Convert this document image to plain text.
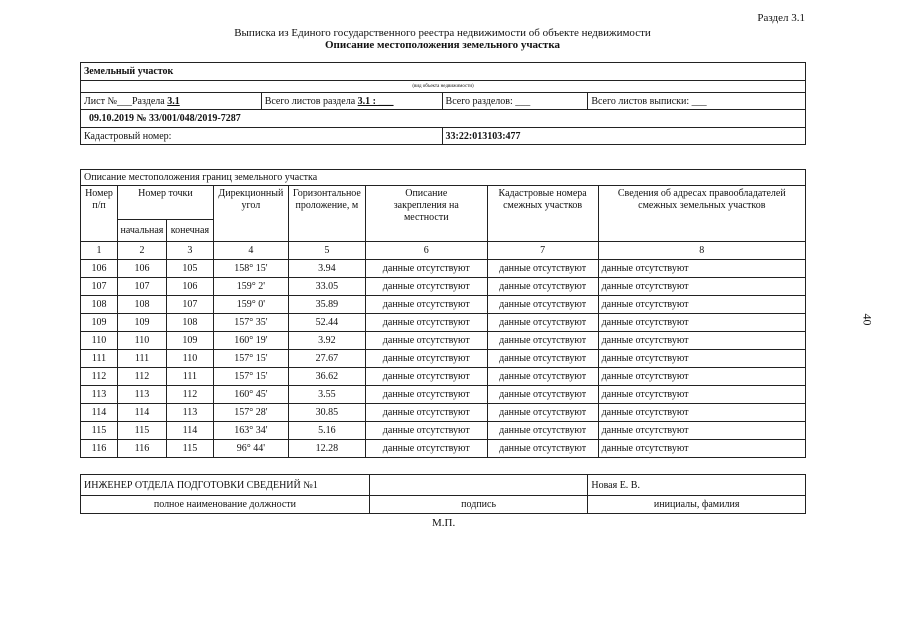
Раздел 3.1
Выписка из Единого государственного реестра недвижимости об объекте недвижимости
Описание местоположения земельного участка
40
Земельный участок			
(вид объекта недвижимости)			
Лист №___Раздела 3.1	Всего листов раздела 3.1 : ___	Всего разделов: ___	Всего листов выписки: ___
09.10.2019 № 33/001/048/2019-7287			
Кадастровый номер:		33:22:013103:477	
Описание местоположения границ земельного участка							
Номер п/п	Номер точки		Дирекционный угол	Горизонтальное проложение, м	Описание закрепления на местности	Кадастровые номера смежных участков	Сведения об адресах правообладателей смежных земельных участков
	начальная	конечная					
1	2	3	4	5	6	7	8
106	106	105	158° 15'	3.94	данные отсутствуют	данные отсутствуют	данные отсутствуют
107	107	106	159° 2'	33.05	данные отсутствуют	данные отсутствуют	данные отсутствуют
108	108	107	159° 0'	35.89	данные отсутствуют	данные отсутствуют	данные отсутствуют
109	109	108	157° 35'	52.44	данные отсутствуют	данные отсутствуют	данные отсутствуют
110	110	109	160° 19'	3.92	данные отсутствуют	данные отсутствуют	данные отсутствуют
111	111	110	157° 15'	27.67	данные отсутствуют	данные отсутствуют	данные отсутствуют
112	112	111	157° 15'	36.62	данные отсутствуют	данные отсутствуют	данные отсутствуют
113	113	112	160° 45'	3.55	данные отсутствуют	данные отсутствуют	данные отсутствуют
114	114	113	157° 28'	30.85	данные отсутствуют	данные отсутствуют	данные отсутствуют
115	115	114	163° 34'	5.16	данные отсутствуют	данные отсутствуют	данные отсутствуют
116	116	115	96° 44'	12.28	данные отсутствуют	данные отсутствуют	данные отсутствуют
ИНЖЕНЕР ОТДЕЛА ПОДГОТОВКИ СВЕДЕНИЙ №1		Новая Е. В.
полное наименование должности	подпись	инициалы, фамилия
М.П.
